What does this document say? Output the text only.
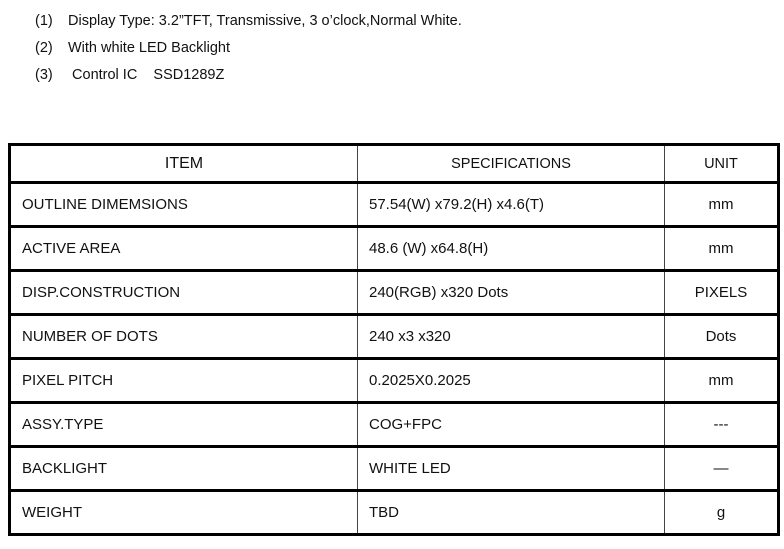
(1)	Display Type: 3.2”TFT, Transmissive, 3 o’clock,Normal White.
(2)	With white LED Backlight
(3)	Control IC    SSD1289Z
ITEM	SPECIFICATIONS	UNIT
OUTLINE DIMEMSIONS	57.54(W) x79.2(H) x4.6(T)	mm
ACTIVE AREA	48.6 (W) x64.8(H)	mm
DISP.CONSTRUCTION	240(RGB) x320 Dots	PIXELS
NUMBER OF DOTS	240 x3 x320	Dots
PIXEL PITCH	0.2025X0.2025	mm
ASSY.TYPE	COG+FPC	---
BACKLIGHT	WHITE LED	—
WEIGHT	TBD	g
